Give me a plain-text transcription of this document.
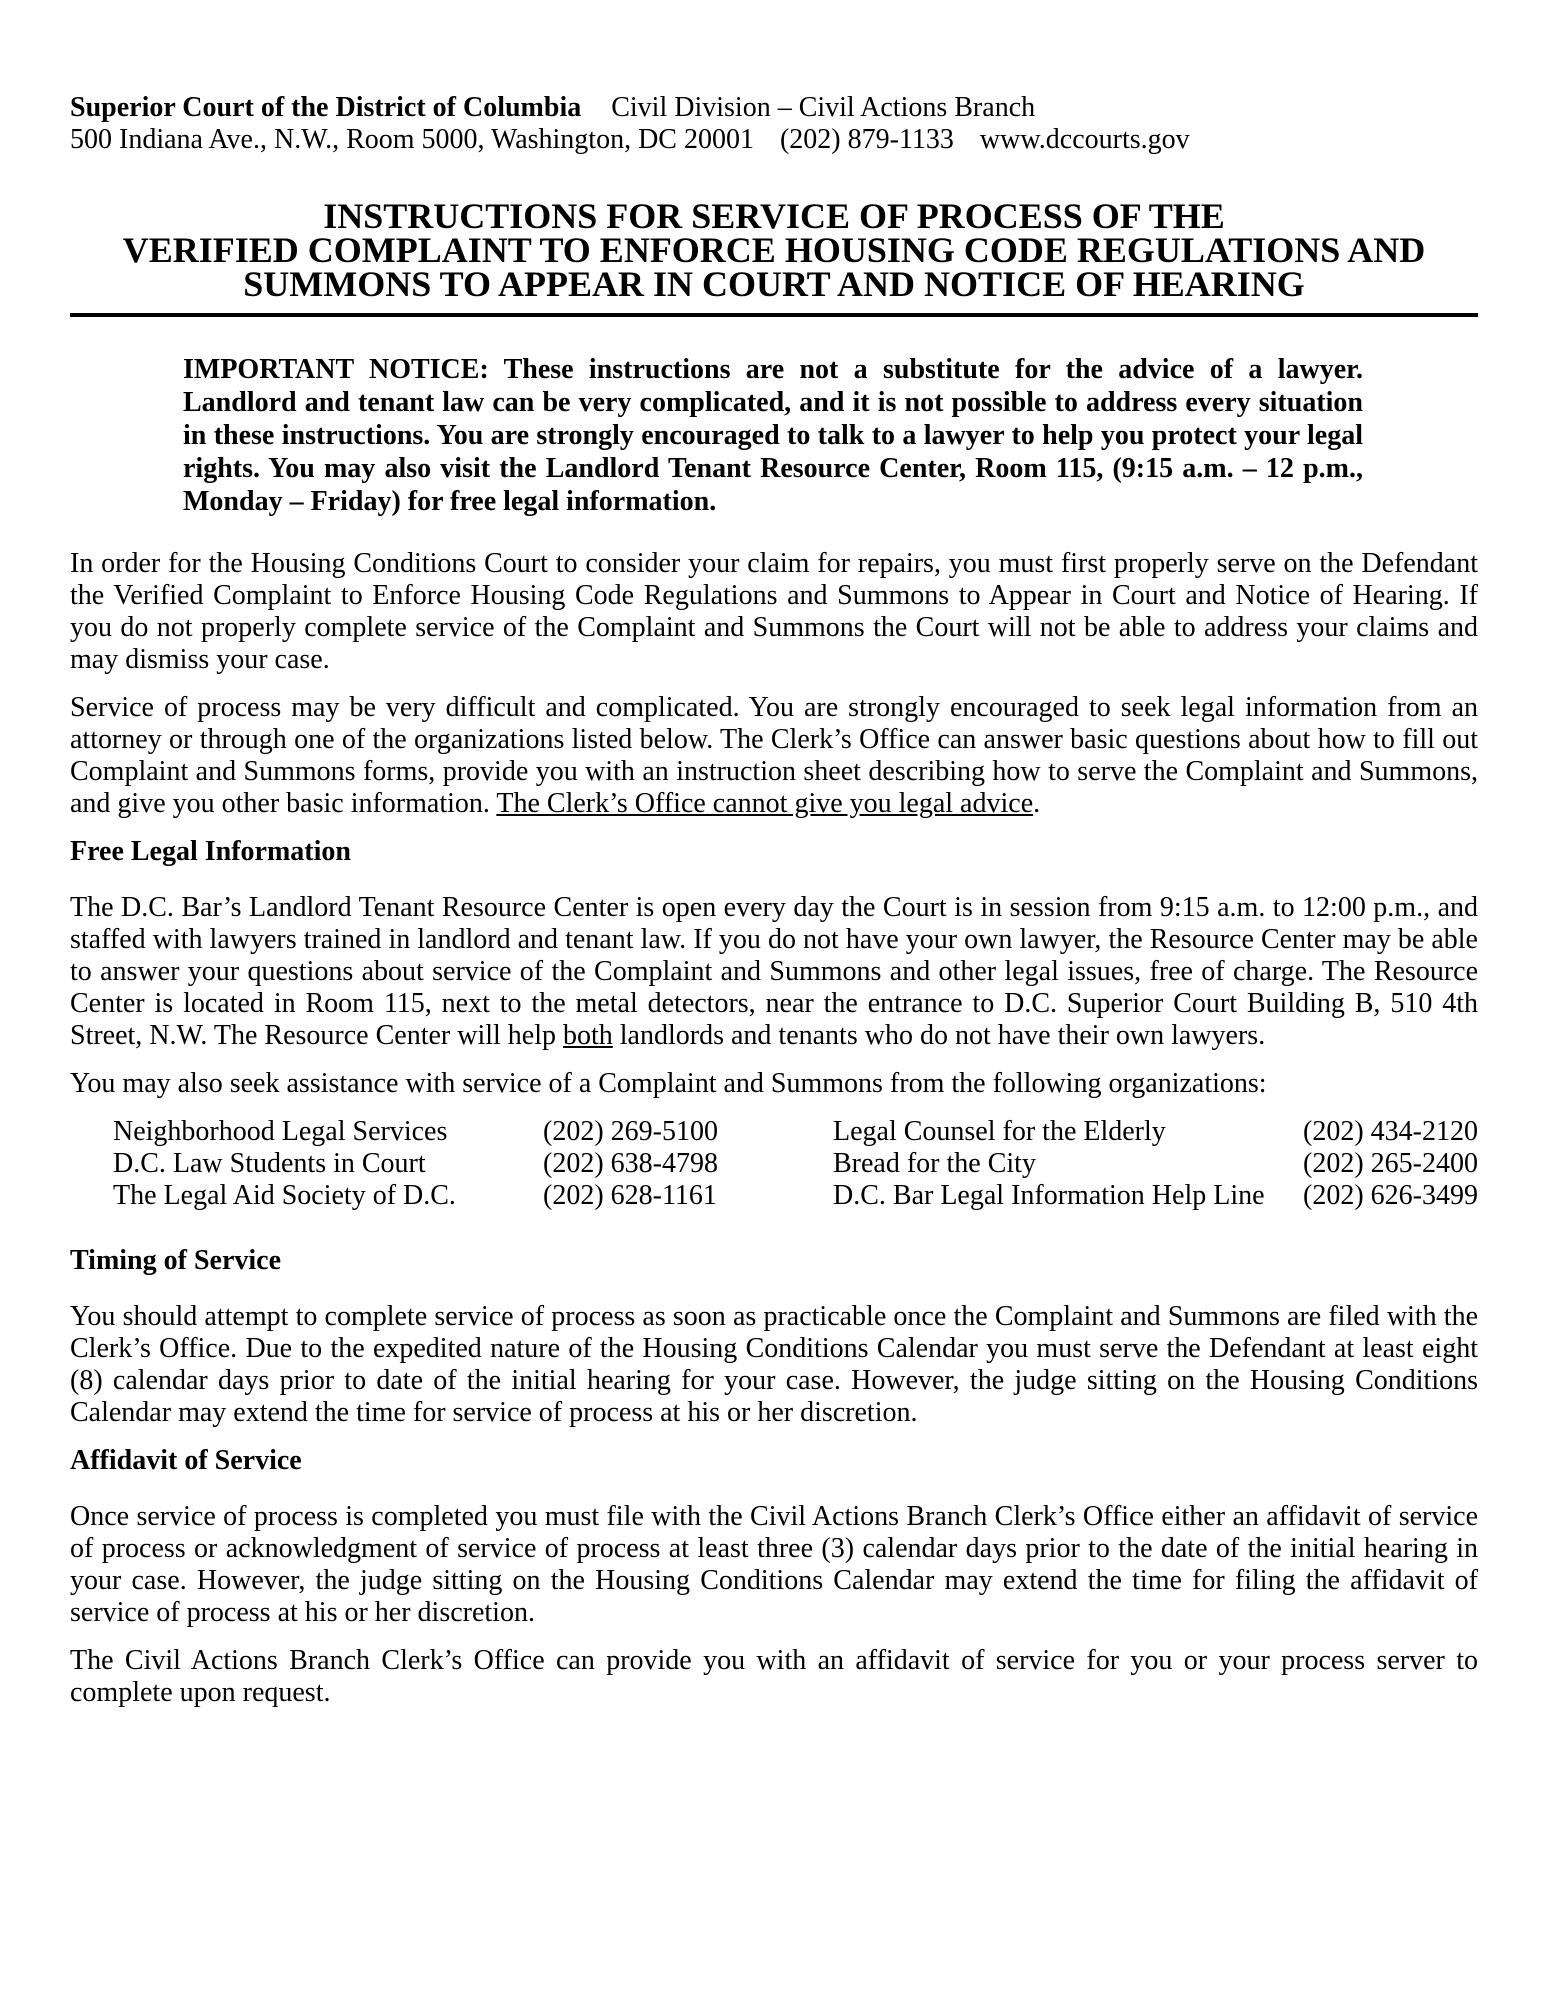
Superior Court of the District of Columbia Civil Division – Civil Actions Branch

500 Indiana Ave., N.W., Room 5000, Washington, DC 20001 (202) 879-1133 www.dccourts.gov

INSTRUCTIONS FOR SERVICE OF PROCESS OF THE
VERIFIED COMPLAINT TO ENFORCE HOUSING CODE REGULATIONS AND
SUMMONS TO APPEAR IN COURT AND NOTICE OF HEARING
IMPORTANT NOTICE: These instructions are not a substitute for the advice of a lawyer. Landlord and tenant law can be very complicated, and it is not possible to address every situation in these instructions. You are strongly encouraged to talk to a lawyer to help you protect your legal rights. You may also visit the Landlord Tenant Resource Center, Room 115, (9:15 a.m. – 12 p.m., Monday – Friday) for free legal information.

In order for the Housing Conditions Court to consider your claim for repairs, you must first properly serve on the Defendant the Verified Complaint to Enforce Housing Code Regulations and Summons to Appear in Court and Notice of Hearing. If you do not properly complete service of the Complaint and Summons the Court will not be able to address your claims and may dismiss your case.

Service of process may be very difficult and complicated. You are strongly encouraged to seek legal information from an attorney or through one of the organizations listed below. The Clerk’s Office can answer basic questions about how to fill out Complaint and Summons forms, provide you with an instruction sheet describing how to serve the Complaint and Summons, and give you other basic information. The Clerk’s Office cannot give you legal advice.

Free Legal Information

The D.C. Bar’s Landlord Tenant Resource Center is open every day the Court is in session from 9:15 a.m. to 12:00 p.m., and staffed with lawyers trained in landlord and tenant law. If you do not have your own lawyer, the Resource Center may be able to answer your questions about service of the Complaint and Summons and other legal issues, free of charge. The Resource Center is located in Room 115, next to the metal detectors, near the entrance to D.C. Superior Court Building B, 510 4th Street, N.W. The Resource Center will help both landlords and tenants who do not have their own lawyers.

You may also seek assistance with service of a Complaint and Summons from the following organizations:

Neighborhood Legal Services	(202) 269-5100	Legal Counsel for the Elderly	(202) 434-2120
D.C. Law Students in Court	(202) 638-4798	Bread for the City	(202) 265-2400
The Legal Aid Society of D.C.	(202) 628-1161	D.C. Bar Legal Information Help Line	(202) 626-3499
Timing of Service

You should attempt to complete service of process as soon as practicable once the Complaint and Summons are filed with the Clerk’s Office. Due to the expedited nature of the Housing Conditions Calendar you must serve the Defendant at least eight (8) calendar days prior to date of the initial hearing for your case. However, the judge sitting on the Housing Conditions Calendar may extend the time for service of process at his or her discretion.

Affidavit of Service

Once service of process is completed you must file with the Civil Actions Branch Clerk’s Office either an affidavit of service of process or acknowledgment of service of process at least three (3) calendar days prior to the date of the initial hearing in your case. However, the judge sitting on the Housing Conditions Calendar may extend the time for filing the affidavit of service of process at his or her discretion.

The Civil Actions Branch Clerk’s Office can provide you with an affidavit of service for you or your process server to complete upon request.
